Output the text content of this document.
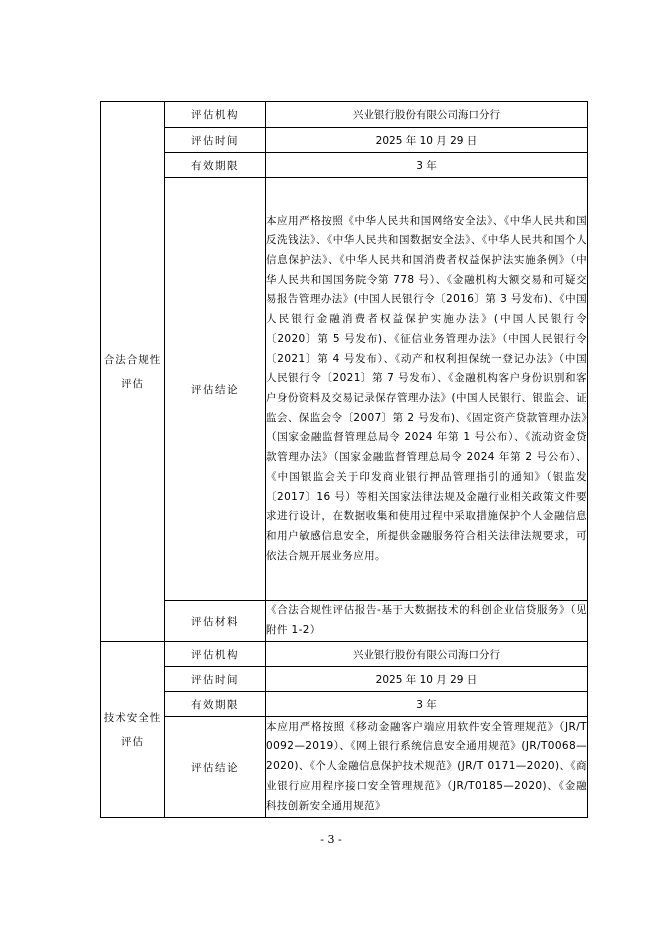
合法合规性评估	评估机构	兴业银行股份有限公司海口分行
	评估时间	2025 年 10 月 29 日
	有效期限	3 年
	评估结论	本应用严格按照《中华人民共和国网络安全法》、《中华人民共和国反洗钱法》、《中华人民共和国数据安全法》、《中华人民共和国个人信息保护法》、《中华人民共和国消费者权益保护法实施条例》（中华人民共和国国务院令第 778 号）、《金融机构大额交易和可疑交易报告管理办法》(中国人民银行令〔2016〕第 3 号发布)、《中国人民银行金融消费者权益保护实施办法》(中国人民银行令〔2020〕第 5 号发布)、《征信业务管理办法》（中国人民银行令〔2021〕第 4 号发布）、《动产和权利担保统一登记办法》（中国人民银行令〔2021〕第 7 号发布）、《金融机构客户身份识别和客户身份资料及交易记录保存管理办法》(中国人民银行、银监会、证监会、保监会令〔2007〕第 2 号发布)、《固定资产贷款管理办法》（国家金融监督管理总局令 2024 年第 1 号公布）、《流动资金贷款管理办法》（国家金融监督管理总局令 2024 年第 2 号公布）、《中国银监会关于印发商业银行押品管理指引的通知》（银监发〔2017〕16 号）等相关国家法律法规及金融行业相关政策文件要求进行设计，在数据收集和使用过程中采取措施保护个人金融信息和用户敏感信息安全，所提供金融服务符合相关法律法规要求，可依法合规开展业务应用。
	评估材料	《合法合规性评估报告-基于大数据技术的科创企业信贷服务》（见附件 1-2）
技术安全性评估	评估机构	兴业银行股份有限公司海口分行
	评估时间	2025 年 10 月 29 日
	有效期限	3 年
	评估结论	本应用严格按照《移动金融客户端应用软件安全管理规范》（JR/T 0092—2019）、《网上银行系统信息安全通用规范》(JR/T0068—2020)、《个人金融信息保护技术规范》(JR/T 0171—2020)、《商业银行应用程序接口安全管理规范》（JR/T0185—2020)、《金融科技创新安全通用规范》
- 3 -
